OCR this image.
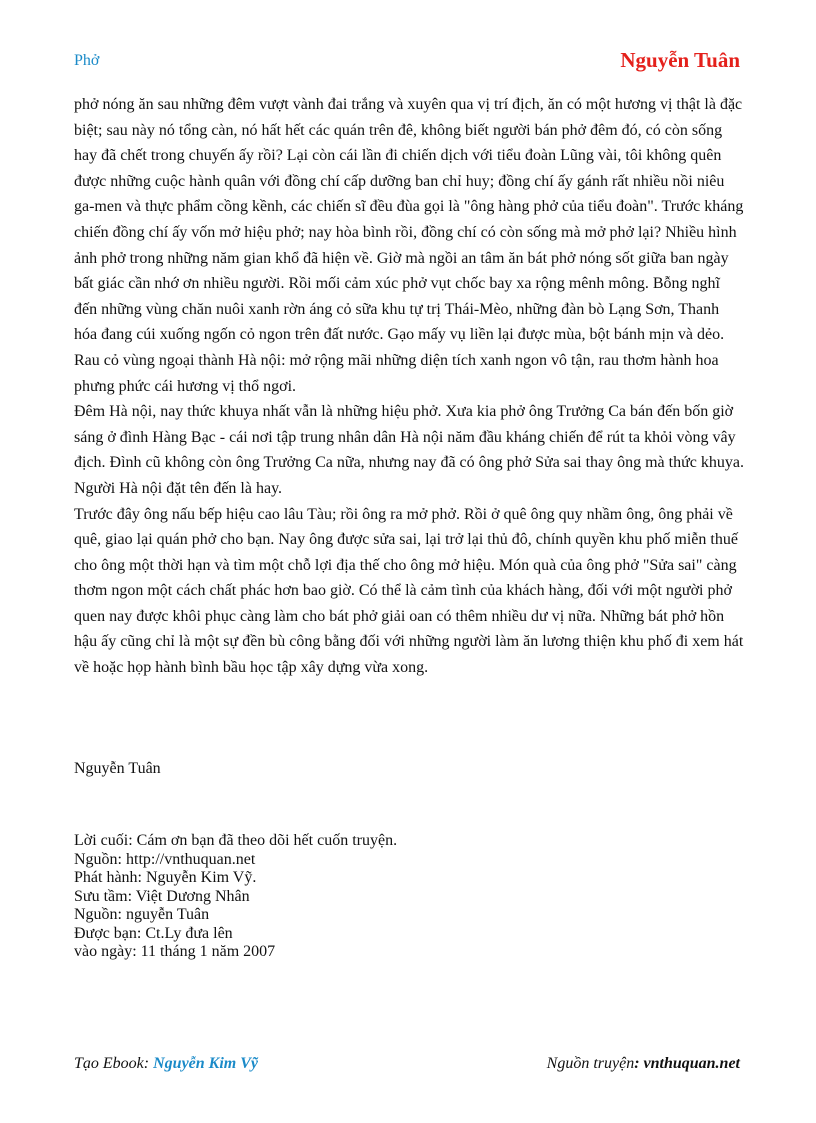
Phở	Nguyễn Tuân

phở nóng ăn sau những đêm vượt vành đai trắng và xuyên qua vị trí địch, ăn có một hương vị thật là đặc biệt; sau này nó tổng càn, nó hất hết các quán trên đê, không biết người bán phở đêm đó, có còn sống hay đã chết trong chuyến ấy rồi? Lại còn cái lần đi chiến dịch với tiểu đoàn Lũng vài, tôi không quên được những cuộc hành quân với đồng chí cấp dưỡng ban chỉ huy; đồng chí ấy gánh rất nhiều nồi niêu ga-men và thực phẩm cồng kềnh, các chiến sĩ đều đùa gọi là "ông hàng phở của tiểu đoàn". Trước kháng chiến đồng chí ấy vốn mở hiệu phở; nay hòa bình rồi, đồng chí có còn sống mà mở phở lại? Nhiều hình ảnh phở trong những năm gian khổ đã hiện về. Giờ mà ngồi an tâm ăn bát phở nóng sốt giữa ban ngày bất giác cần nhớ ơn nhiều người. Rồi mối cảm xúc phở vụt chốc bay xa rộng mênh mông. Bỗng nghĩ đến những vùng chăn nuôi xanh rờn áng cỏ sữa khu tự trị Thái-Mèo, những đàn bò Lạng Sơn, Thanh hóa đang cúi xuống ngốn cỏ ngon trên đất nước. Gạo mấy vụ liền lại được mùa, bột bánh mịn và dẻo. Rau cỏ vùng ngoại thành Hà nội: mở rộng mãi những diện tích xanh ngon vô tận, rau thơm hành hoa phưng phức cái hương vị thổ ngơi.

Đêm Hà nội, nay thức khuya nhất vẫn là những hiệu phở. Xưa kia phở ông Trưởng Ca bán đến bốn giờ sáng ở đình Hàng Bạc - cái nơi tập trung nhân dân Hà nội năm đầu kháng chiến để rút ta khỏi vòng vây địch. Đình cũ không còn ông Trưởng Ca nữa, nhưng nay đã có ông phở Sửa sai thay ông mà thức khuya. Người Hà nội đặt tên đến là hay.

Trước đây ông nấu bếp hiệu cao lâu Tàu; rồi ông ra mở phở. Rồi ở quê ông quy nhầm ông, ông phải về quê, giao lại quán phở cho bạn. Nay ông được sửa sai, lại trở lại thủ đô, chính quyền khu phố miễn thuế cho ông một thời hạn và tìm một chỗ lợi địa thế cho ông mở hiệu. Món quà của ông phở "Sửa sai" càng thơm ngon một cách chất phác hơn bao giờ. Có thể là cảm tình của khách hàng, đối với một người phở quen nay được khôi phục càng làm cho bát phở giải oan có thêm nhiều dư vị nữa. Những bát phở hồn hậu ấy cũng chỉ là một sự đền bù công bằng đối với những người làm ăn lương thiện khu phố đi xem hát về hoặc họp hành bình bầu học tập xây dựng vừa xong.

Nguyễn Tuân
Lời cuối: Cám ơn bạn đã theo dõi hết cuốn truyện.
Nguồn: http://vnthuquan.net
Phát hành: Nguyễn Kim Vỹ.
Sưu tầm: Việt Dương Nhân
Nguồn: nguyễn Tuân
Được bạn: Ct.Ly đưa lên
vào ngày: 11 tháng 1 năm 2007
Tạo Ebook: Nguyễn Kim Vỹ	Nguồn truyện: vnthuquan.net
